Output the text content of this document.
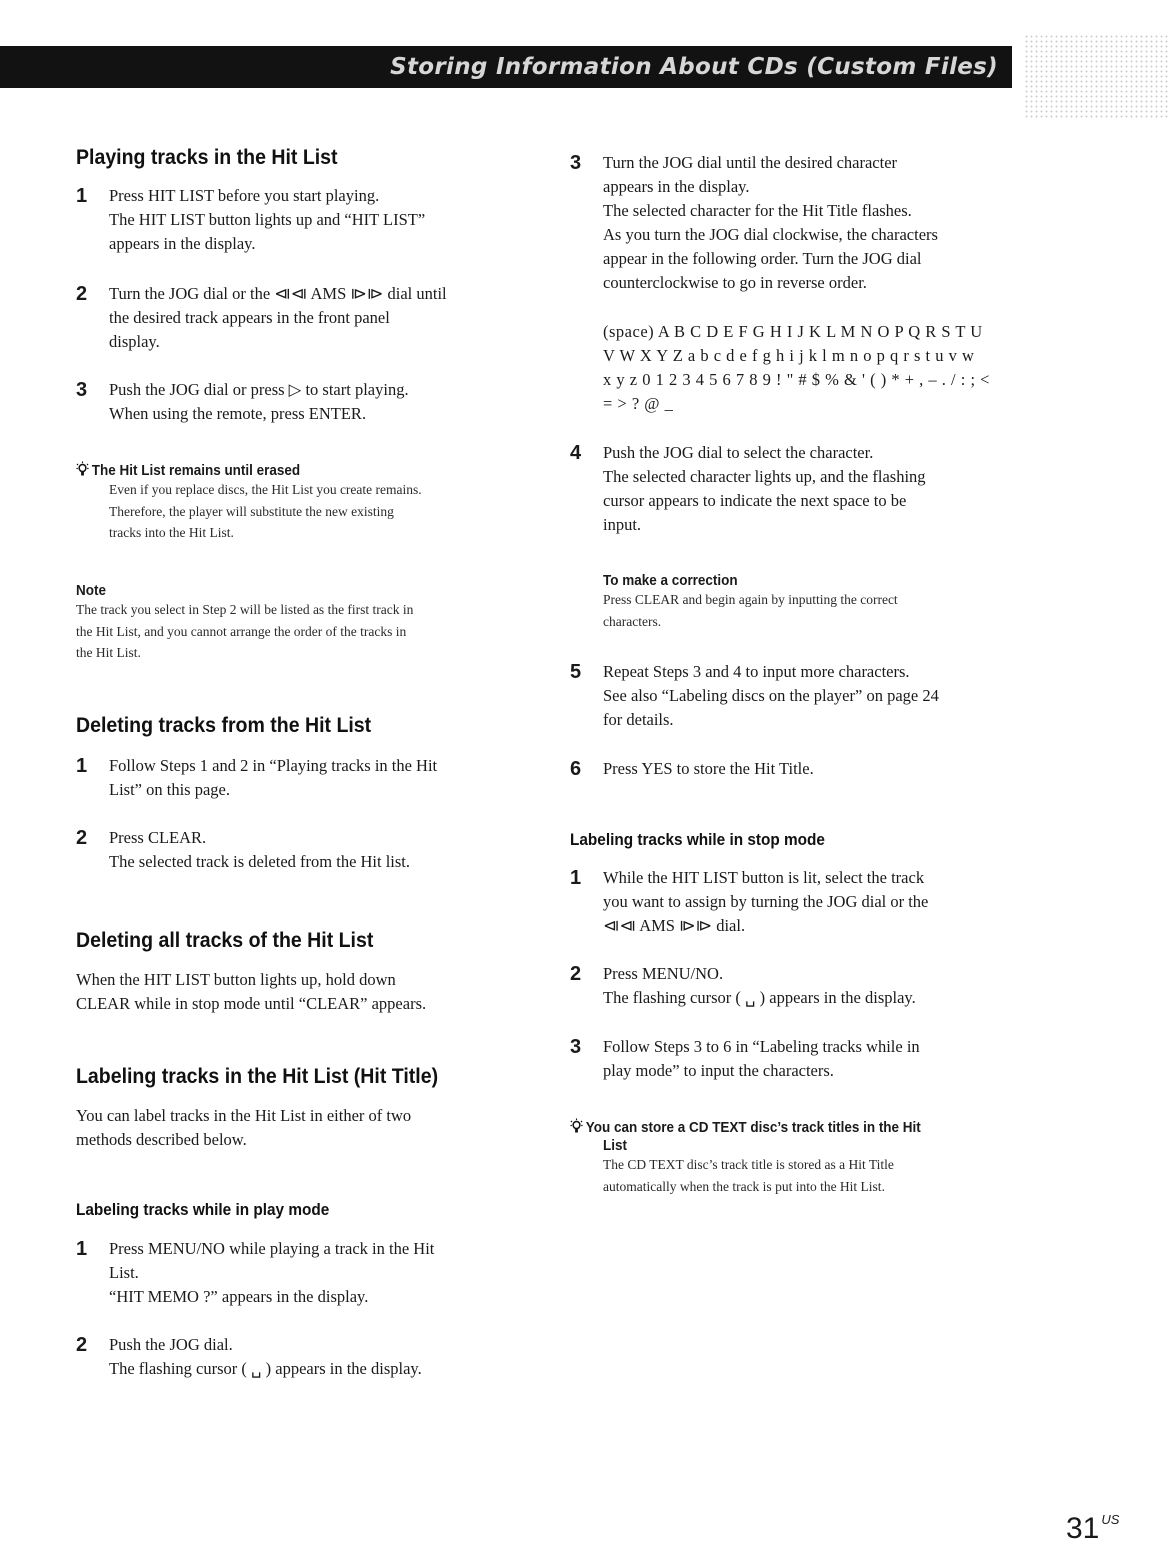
Storing Information About CDs (Custom Files)
Playing tracks in the Hit List
1 Press HIT LIST before you start playing.
The HIT LIST button lights up and “HIT LIST”
appears in the display.
2 Turn the JOG dial or the ⧏⧏ AMS ⧐⧐ dial until
the desired track appears in the front panel
display.
3 Push the JOG dial or press ▷ to start playing.
When using the remote, press ENTER.
The Hit List remains until erased
Even if you replace discs, the Hit List you create remains.
Therefore, the player will substitute the new existing
tracks into the Hit List.
Note
The track you select in Step 2 will be listed as the first track in
the Hit List, and you cannot arrange the order of the tracks in
the Hit List.
Deleting tracks from the Hit List
1 Follow Steps 1 and 2 in “Playing tracks in the Hit
List” on this page.
2 Press CLEAR.
The selected track is deleted from the Hit list.
Deleting all tracks of the Hit List
When the HIT LIST button lights up, hold down
CLEAR while in stop mode until “CLEAR” appears.
Labeling tracks in the Hit List (Hit Title)
You can label tracks in the Hit List in either of two
methods described below.
Labeling tracks while in play mode
1 Press MENU/NO while playing a track in the Hit
List.
“HIT MEMO ?” appears in the display.
2 Push the JOG dial.
The flashing cursor ( ␣ ) appears in the display.
3 Turn the JOG dial until the desired character
appears in the display.
The selected character for the Hit Title flashes.
As you turn the JOG dial clockwise, the characters
appear in the following order. Turn the JOG dial
counterclockwise to go in reverse order.
(space) A B C D E F G H I J K L M N O P Q R S T U
V W X Y Z a b c d e f g h i j k l m n o p q r s t u v w
x y z 0 1 2 3 4 5 6 7 8 9 ! " # $ % & ' ( ) * + , – . / : ; <
= > ? @ _
4 Push the JOG dial to select the character.
The selected character lights up, and the flashing
cursor appears to indicate the next space to be
input.
To make a correction
Press CLEAR and begin again by inputting the correct
characters.
5 Repeat Steps 3 and 4 to input more characters.
See also “Labeling discs on the player” on page 24
for details.
6 Press YES to store the Hit Title.
Labeling tracks while in stop mode
1 While the HIT LIST button is lit, select the track
you want to assign by turning the JOG dial or the
⧏⧏ AMS ⧐⧐ dial.
2 Press MENU/NO.
The flashing cursor ( ␣ ) appears in the display.
3 Follow Steps 3 to 6 in “Labeling tracks while in
play mode” to input the characters.
You can store a CD TEXT disc’s track titles in the Hit
List
The CD TEXT disc’s track title is stored as a Hit Title
automatically when the track is put into the Hit List.
31 $^{US}$
